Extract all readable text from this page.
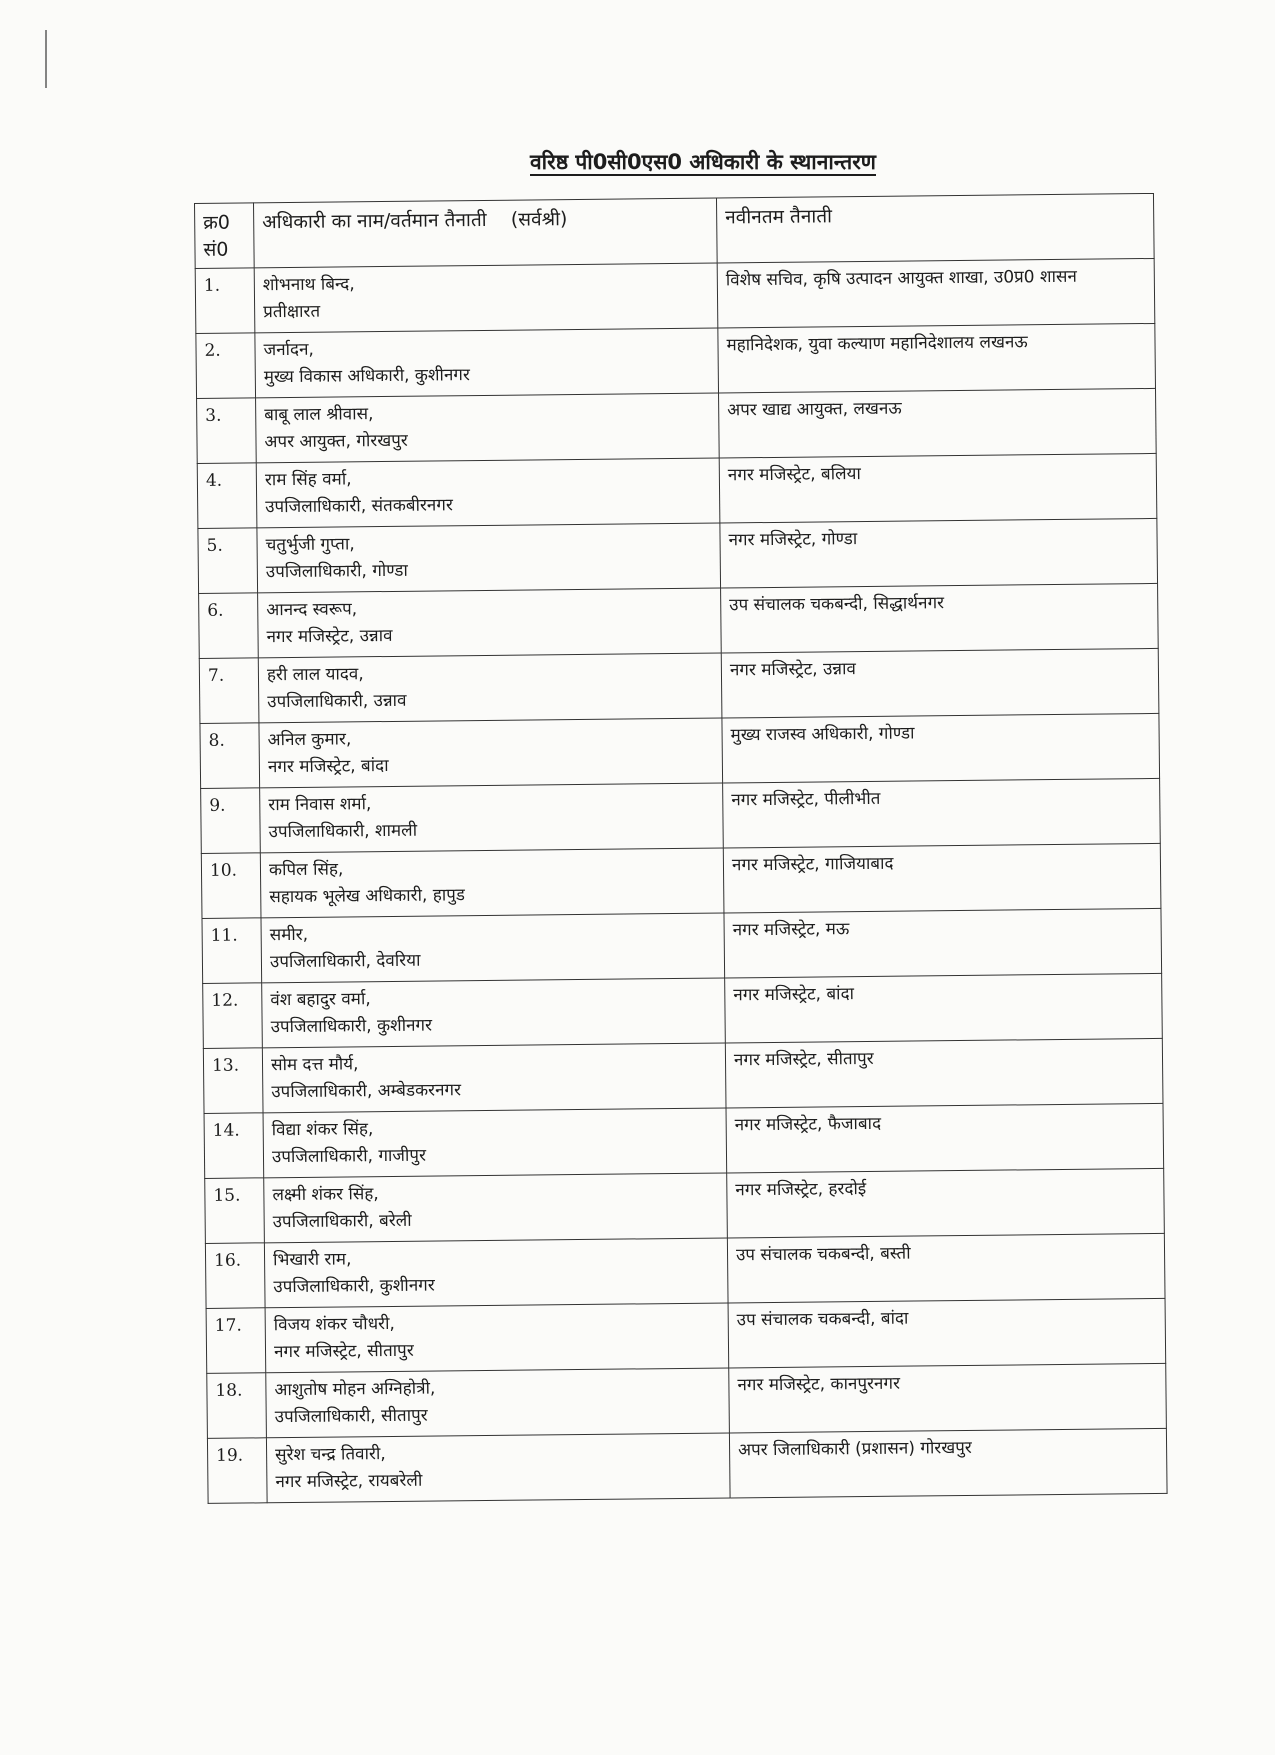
वरिष्ठ पी0सी0एस0 अधिकारी के स्थानान्तरण
क्र0 सं0	अधिकारी का नाम/वर्तमान तैनाती    (सर्वश्री)	नवीनतम तैनाती
1.	शोभनाथ बिन्द,
प्रतीक्षारत	विशेष सचिव, कृषि उत्पादन आयुक्त शाखा, उ0प्र0 शासन
2.	जर्नादन,
मुख्य विकास अधिकारी, कुशीनगर	महानिदेशक, युवा कल्याण महानिदेशालय लखनऊ
3.	बाबू लाल श्रीवास,
अपर आयुक्त, गोरखपुर	अपर खाद्य आयुक्त, लखनऊ
4.	राम सिंह वर्मा,
उपजिलाधिकारी, संतकबीरनगर	नगर मजिस्ट्रेट, बलिया
5.	चतुर्भुजी गुप्ता,
उपजिलाधिकारी, गोण्डा	नगर मजिस्ट्रेट, गोण्डा
6.	आनन्द स्वरूप,
नगर मजिस्ट्रेट, उन्नाव	उप संचालक चकबन्दी, सिद्धार्थनगर
7.	हरी लाल यादव,
उपजिलाधिकारी, उन्नाव	नगर मजिस्ट्रेट, उन्नाव
8.	अनिल कुमार,
नगर मजिस्ट्रेट, बांदा	मुख्य राजस्व अधिकारी, गोण्डा
9.	राम निवास शर्मा,
उपजिलाधिकारी, शामली	नगर मजिस्ट्रेट, पीलीभीत
10.	कपिल सिंह,
सहायक भूलेख अधिकारी, हापुड	नगर मजिस्ट्रेट, गाजियाबाद
11.	समीर,
उपजिलाधिकारी, देवरिया	नगर मजिस्ट्रेट, मऊ
12.	वंश बहादुर वर्मा,
उपजिलाधिकारी, कुशीनगर	नगर मजिस्ट्रेट, बांदा
13.	सोम दत्त मौर्य,
उपजिलाधिकारी, अम्बेडकरनगर	नगर मजिस्ट्रेट, सीतापुर
14.	विद्या शंकर सिंह,
उपजिलाधिकारी, गाजीपुर	नगर मजिस्ट्रेट, फैजाबाद
15.	लक्ष्मी शंकर सिंह,
उपजिलाधिकारी, बरेली	नगर मजिस्ट्रेट, हरदोई
16.	भिखारी राम,
उपजिलाधिकारी, कुशीनगर	उप संचालक चकबन्दी, बस्ती
17.	विजय शंकर चौधरी,
नगर मजिस्ट्रेट, सीतापुर	उप संचालक चकबन्दी, बांदा
18.	आशुतोष मोहन अग्निहोत्री,
उपजिलाधिकारी, सीतापुर	नगर मजिस्ट्रेट, कानपुरनगर
19.	सुरेश चन्द्र तिवारी,
नगर मजिस्ट्रेट, रायबरेली	अपर जिलाधिकारी (प्रशासन) गोरखपुर
